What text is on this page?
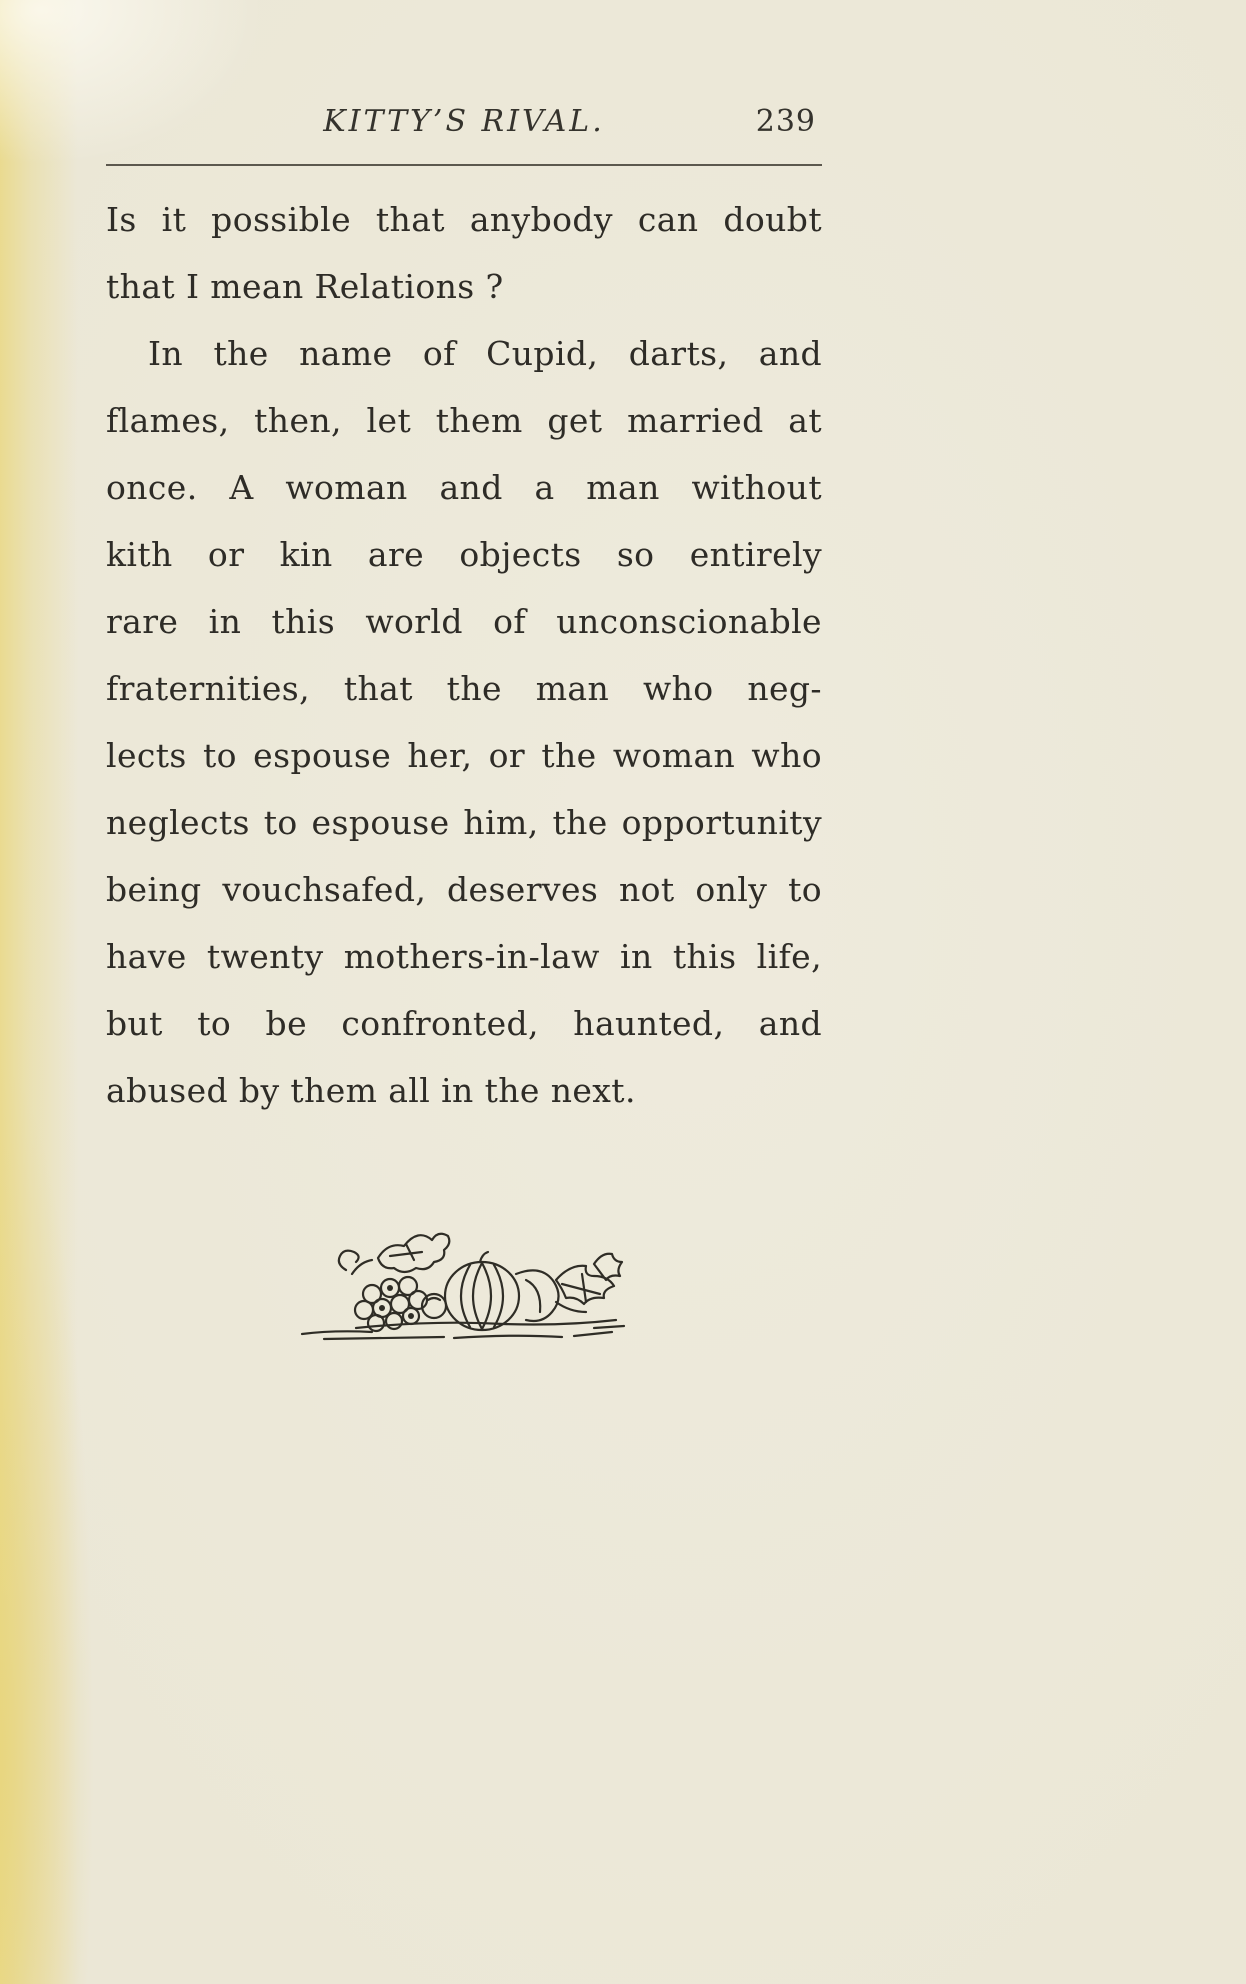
KITTY’S RIVAL.	239
Is it possible that anybody can doubt
that I mean Relations ?
In the name of Cupid, darts, and
flames, then, let them get married at
once. A woman and a man without
kith or kin are objects so entirely
rare in this world of unconscionable
fraternities, that the man who neg-
lects to espouse her, or the woman who
neglects to espouse him, the opportunity
being vouchsafed, deserves not only to
have twenty mothers-in-law in this life,
but to be confronted, haunted, and
abused by them all in the next.
